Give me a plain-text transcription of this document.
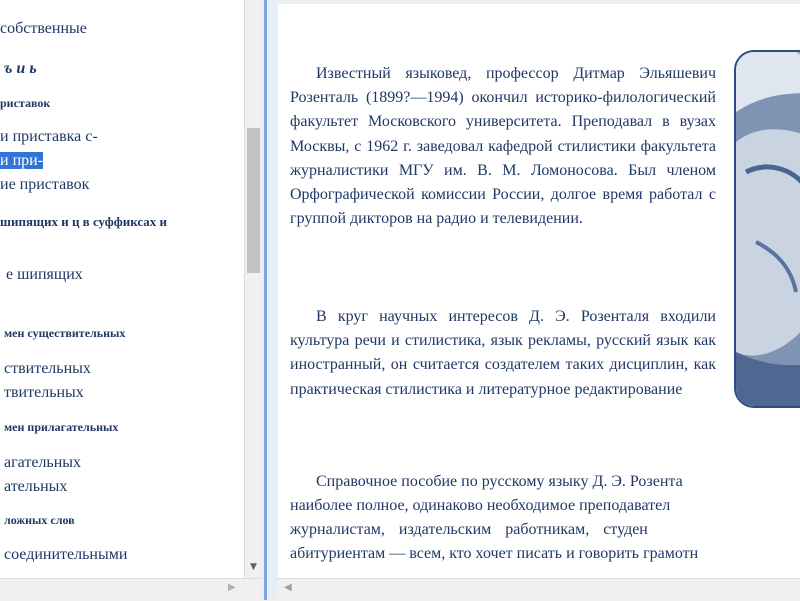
собственные
ъ и ь
риставок
и приставка с-
и при-
ие приставок
шипящих и ц в суффиксах и
е шипящих
мен существительных
ствительных
твительных
мен прилагательных
агательных
ательных
ложных слов
соединительными
▼
▶

Известный языковед, профессор Дитмар Эльяшевич Розенталь (1899?—1994) окончил историко-филологический факультет Московского университета. Преподавал в вузах Москвы, с 1962 г. заведовал кафедрой стилистики факультета журналистики МГУ им. В. М. Ломоносова. Был членом Орфографической комиссии России, долгое время работал с группой дикторов на радио и телевидении.

В круг научных интересов Д. Э. Розенталя входили культура речи и стилистика, язык рекламы, русский язык как иностранный, он считается создателем таких дисциплин, как практическая стилистика и литературное редактирование

Справочное пособие по русскому языку Д. Э. Розента
наиболее полное, одинаково необходимое преподавател
журналистам, издательским работникам, студен
абитуриентам — всем, кто хочет писать и говорить грамотн
◀
